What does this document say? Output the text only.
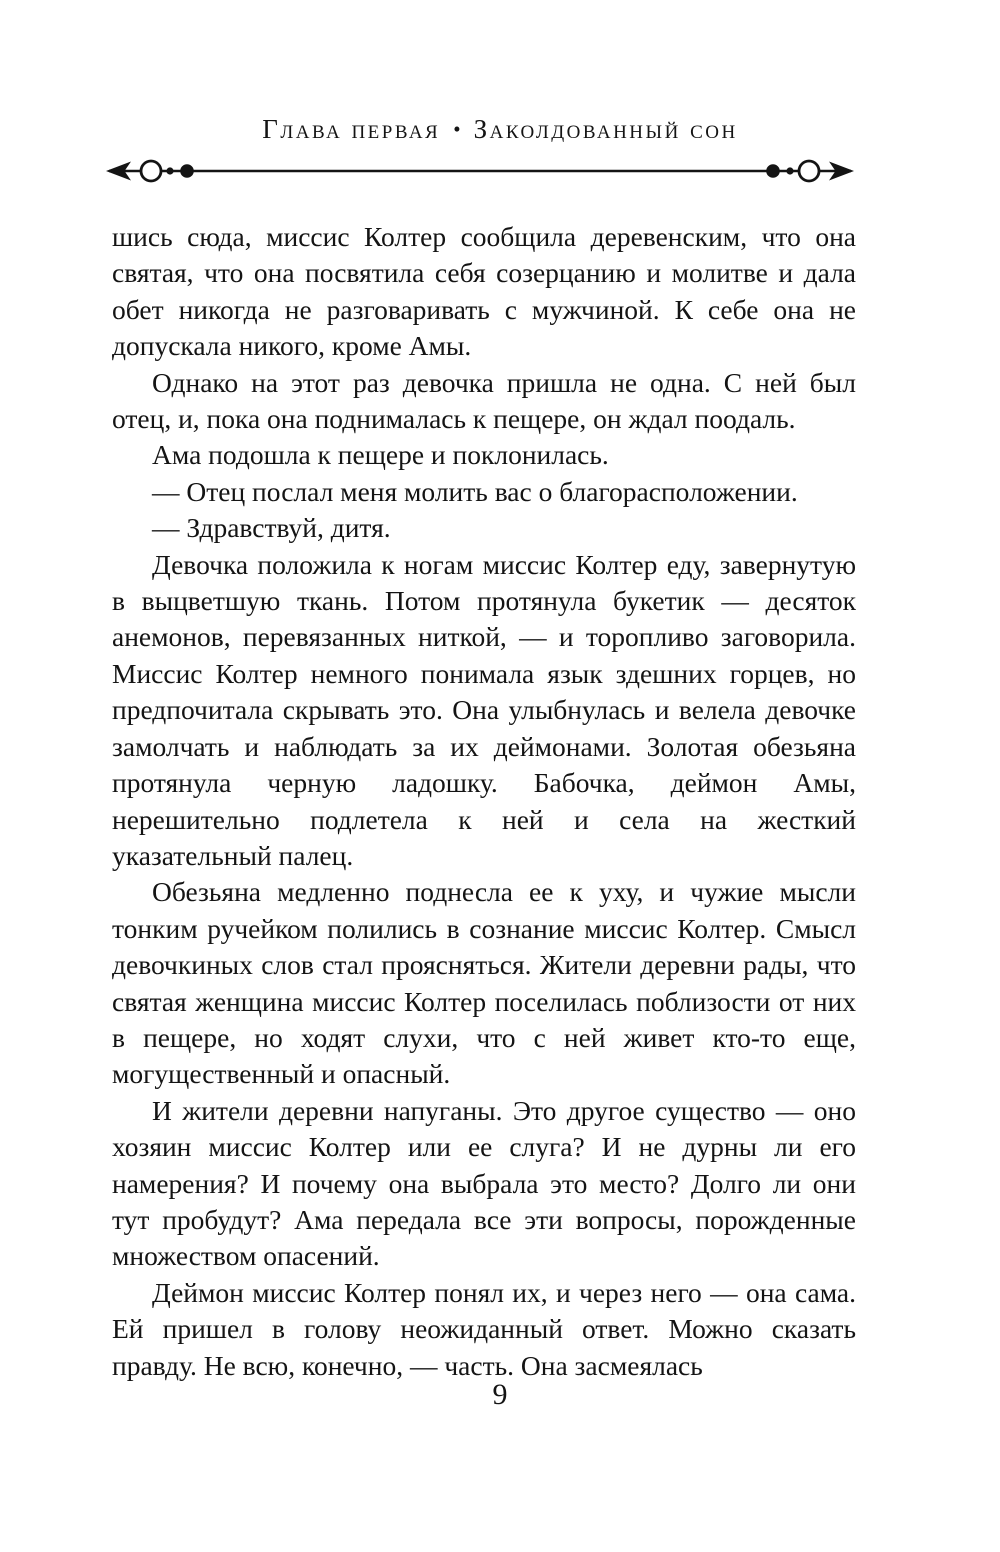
Глава первая • Заколдованный сон

шись сюда, миссис Колтер сообщила деревенским, что она святая, что она посвятила себя созерцанию и молитве и дала обет никогда не разговаривать с мужчиной. К себе она не допускала никого, кроме Амы.

Однако на этот раз девочка пришла не одна. С ней был отец, и, пока она поднималась к пещере, он ждал поодаль.

Ама подошла к пещере и поклонилась.

— Отец послал меня молить вас о благорасположении.

— Здравствуй, дитя.

Девочка положила к ногам миссис Колтер еду, завернутую в выцветшую ткань. Потом протянула букетик — десяток анемонов, перевязанных ниткой, — и торопливо заговорила. Миссис Колтер немного понимала язык здешних горцев, но предпочитала скрывать это. Она улыбнулась и велела девочке замолчать и наблюдать за их деймонами. Золотая обезьяна протянула черную ладошку. Бабочка, деймон Амы, нерешительно подлетела к ней и села на жесткий указательный палец.

Обезьяна медленно поднесла ее к уху, и чужие мысли тонким ручейком полились в сознание миссис Колтер. Смысл девочкиных слов стал проясняться. Жители деревни рады, что святая женщина миссис Колтер поселилась поблизости от них в пещере, но ходят слухи, что с ней живет кто-то еще, могущественный и опасный.

И жители деревни напуганы. Это другое существо — оно хозяин миссис Колтер или ее слуга? И не дурны ли его намерения? И почему она выбрала это место? Долго ли они тут пробудут? Ама передала все эти вопросы, порожденные множеством опасений.

Деймон миссис Колтер понял их, и через него — она сама. Ей пришел в голову неожиданный ответ. Можно сказать правду. Не всю, конечно, — часть. Она засмеялась

9
